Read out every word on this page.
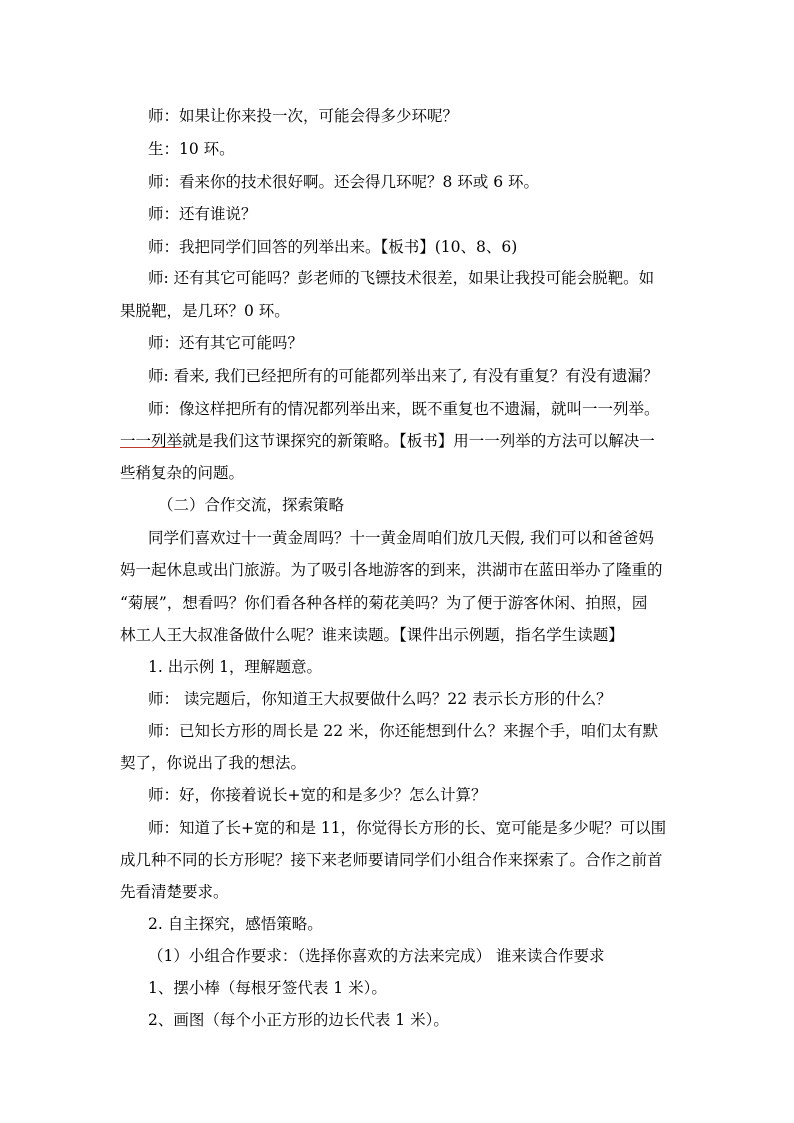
师：如果让你来投一次，可能会得多少环呢？
生：10 环。
师：看来你的技术很好啊。还会得几环呢？8 环或 6 环。
师：还有谁说？
师：我把同学们回答的列举出来。【板书】(10、8、6)
师: 还有其它可能吗？彭老师的飞镖技术很差，如果让我投可能会脱靶。如
果脱靶，是几环？0 环。
师：还有其它可能吗？
师: 看来, 我们已经把所有的可能都列举出来了, 有没有重复？有没有遗漏？
师：像这样把所有的情况都列举出来，既不重复也不遗漏，就叫一一列举。
一一列举就是我们这节课探究的新策略。【板书】用一一列举的方法可以解决一
些稍复杂的问题。
（二）合作交流，探索策略
同学们喜欢过十一黄金周吗？十一黄金周咱们放几天假, 我们可以和爸爸妈
妈一起休息或出门旅游。为了吸引各地游客的到来，洪湖市在蓝田举办了隆重的
“菊展”，想看吗？你们看各种各样的菊花美吗？为了便于游客休闲、拍照，园
林工人王大叔准备做什么呢？谁来读题。【课件出示例题，指名学生读题】
1. 出示例 1，理解题意。
师： 读完题后，你知道王大叔要做什么吗？22 表示长方形的什么？
师：已知长方形的周长是 22 米，你还能想到什么？来握个手，咱们太有默
契了，你说出了我的想法。
师：好，你接着说长+宽的和是多少？怎么计算？
师：知道了长+宽的和是 11，你觉得长方形的长、宽可能是多少呢？可以围
成几种不同的长方形呢？接下来老师要请同学们小组合作来探索了。合作之前首
先看清楚要求。
2. 自主探究，感悟策略。
（1）小组合作要求：（选择你喜欢的方法来完成） 谁来读合作要求
1、摆小棒（每根牙签代表 1 米）。
2、画图（每个小正方形的边长代表 1 米）。
